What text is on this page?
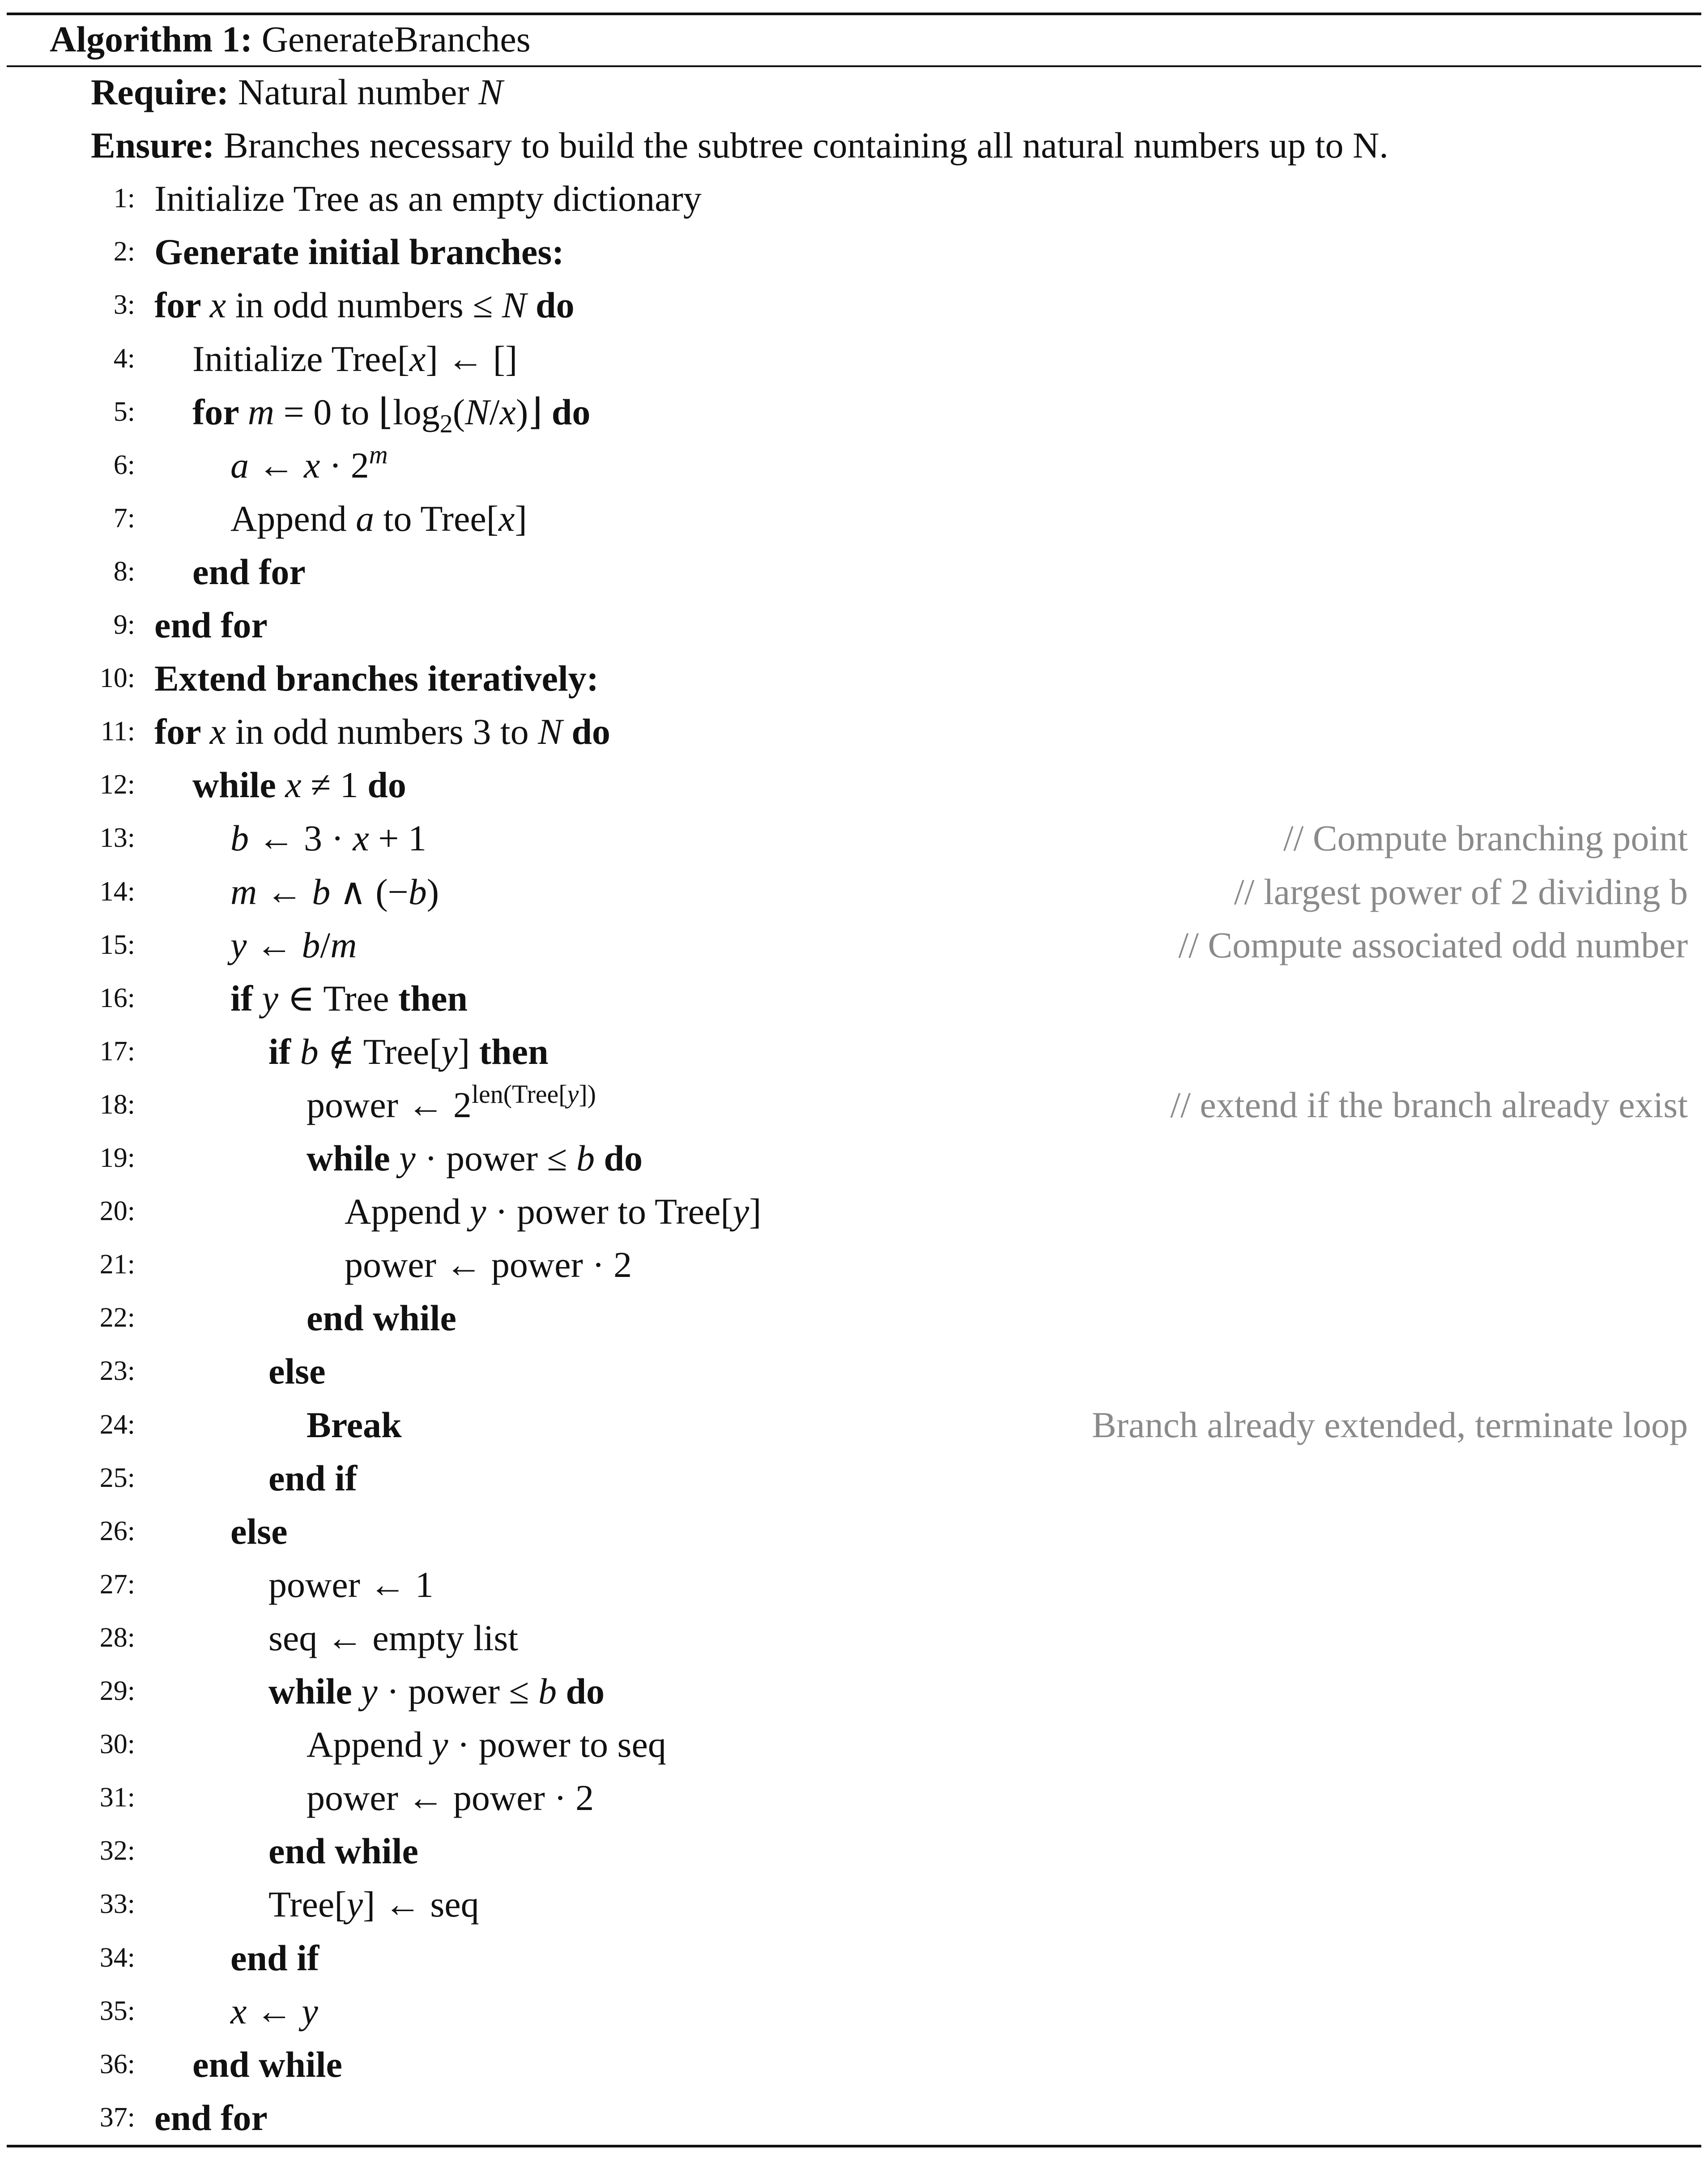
Algorithm 1: GenerateBranches
Require: Natural number N
Ensure: Branches necessary to build the subtree containing all natural numbers up to N.
1: Initialize Tree as an empty dictionary
2: Generate initial branches:
3: for x in odd numbers ≤ N do
4: Initialize Tree[x] ← []
5: for m = 0 to $⌊\log_2(N/x)⌋$ do
6:	a ← $x \cdot 2^m$
7:	Append a to Tree[x]
8: end for
9: end for
10: Extend branches iteratively:
11: for x in odd numbers 3 to N do
12: while x ≠ 1 do
13:	b ← 3 · x + 1	// Compute branching point
14:	m ← b ∧ (−b)	// largest power of 2 dividing b
15:	y ← b/m	// Compute associated odd number
16:	if y ∈ Tree then
17:	if b ∉ Tree[y] then
18:	power ← $2^{len(Tree[y])}$	// extend if the branch already exist
19:	while y · power ≤ b do
20:	Append y · power to Tree[y]
21:	power ← power · 2
22:	end while
23:	else
24:	Break	Branch already extended, terminate loop
25:	end if
26:	else
27:	power ← 1
28:	seq ← empty list
29:	while y · power ≤ b do
30:	Append y · power to seq
31:	power ← power · 2
32:	end while
33:	Tree[y] ← seq
34:	end if
35:	x ← y
36: end while
37: end for
